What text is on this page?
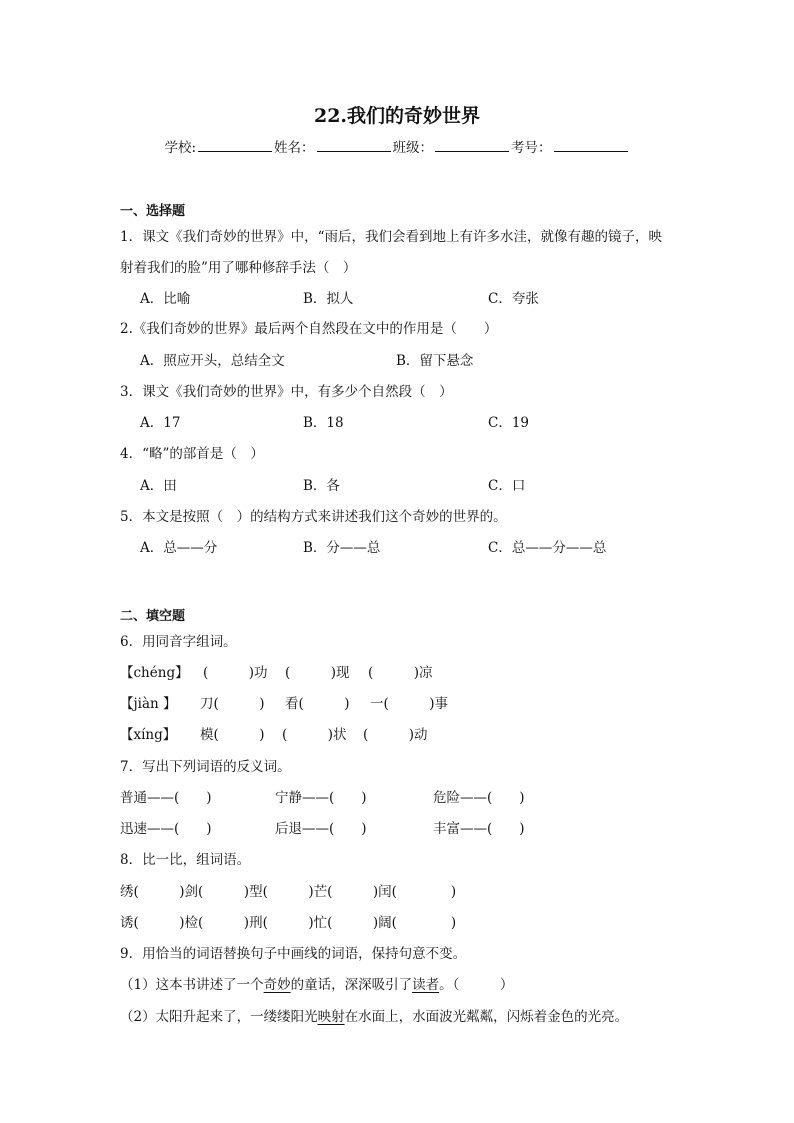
22.我们的奇妙世界
学校:	姓名：	班级：	考号：
一、选择题
1．课文《我们奇妙的世界》中，“雨后，我们会看到地上有许多水洼，就像有趣的镜子，映
射着我们的脸”用了哪种修辞手法（　）
A．比喻	B．拟人	C．夸张
2.《我们奇妙的世界》最后两个自然段在文中的作用是（　　）
A．照应开头，总结全文	B．留下悬念
3．课文《我们奇妙的世界》中，有多少个自然段（　）
A．17	B．18	C．19
4．“略”的部首是（　）
A．田	B．各	C．口
5．本文是按照（　）的结构方式来讲述我们这个奇妙的世界的。
A．总——分	B．分——总	C．总——分——总
二、填空题
6．用同音字组词。
【chéng】 (　　　)功 (　　　)现 (　　　)凉
【jiàn 】 刀(　　　) 看(　　　) 一(　　　)事
【xíng】 模(　　　) (　　　)状 (　　　)动
7．写出下列词语的反义词。
普通——(　　)	宁静——(　　)	危险——(　　)
迅速——(　　)	后退——(　　)	丰富——(　　)
8．比一比，组词语。
绣(　　　)剑(　　　)型(　　　)芒(　　　)闰(　　　　)
诱(　　　)检(　　　)刑(　　　)忙(　　　)阔(　　　　)
9．用恰当的词语替换句子中画线的词语，保持句意不变。
（1）这本书讲述了一个奇妙的童话，深深吸引了读者。（　　　）
（2）太阳升起来了，一缕缕阳光映射在水面上，水面波光粼粼，闪烁着金色的光亮。
